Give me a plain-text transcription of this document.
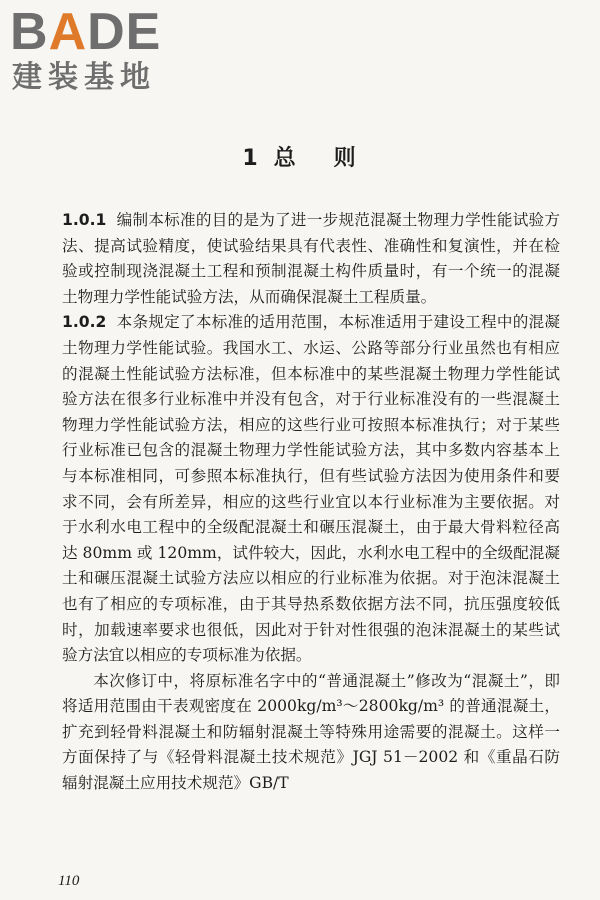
BADE
建装基地
1 总 则

1.0.1 编制本标准的目的是为了进一步规范混凝土物理力学性能试验方法、提高试验精度，使试验结果具有代表性、准确性和复演性，并在检验或控制现浇混凝土工程和预制混凝土构件质量时，有一个统一的混凝土物理力学性能试验方法，从而确保混凝土工程质量。

1.0.2 本条规定了本标准的适用范围，本标准适用于建设工程中的混凝土物理力学性能试验。我国水工、水运、公路等部分行业虽然也有相应的混凝土性能试验方法标准，但本标准中的某些混凝土物理力学性能试验方法在很多行业标准中并没有包含，对于行业标准没有的一些混凝土物理力学性能试验方法，相应的这些行业可按照本标准执行；对于某些行业标准已包含的混凝土物理力学性能试验方法，其中多数内容基本上与本标准相同，可参照本标准执行，但有些试验方法因为使用条件和要求不同，会有所差异，相应的这些行业宜以本行业标准为主要依据。对于水利水电工程中的全级配混凝土和碾压混凝土，由于最大骨料粒径高达 80mm 或 120mm，试件较大，因此，水利水电工程中的全级配混凝土和碾压混凝土试验方法应以相应的行业标准为依据。对于泡沫混凝土也有了相应的专项标准，由于其导热系数依据方法不同，抗压强度较低时，加载速率要求也很低，因此对于针对性很强的泡沫混凝土的某些试验方法宜以相应的专项标准为依据。

本次修订中，将原标准名字中的“普通混凝土”修改为“混凝土”，即将适用范围由干表观密度在 2000kg/m³～2800kg/m³ 的普通混凝土，扩充到轻骨料混凝土和防辐射混凝土等特殊用途需要的混凝土。这样一方面保持了与《轻骨料混凝土技术规范》JGJ 51－2002 和《重晶石防辐射混凝土应用技术规范》GB/T

110
